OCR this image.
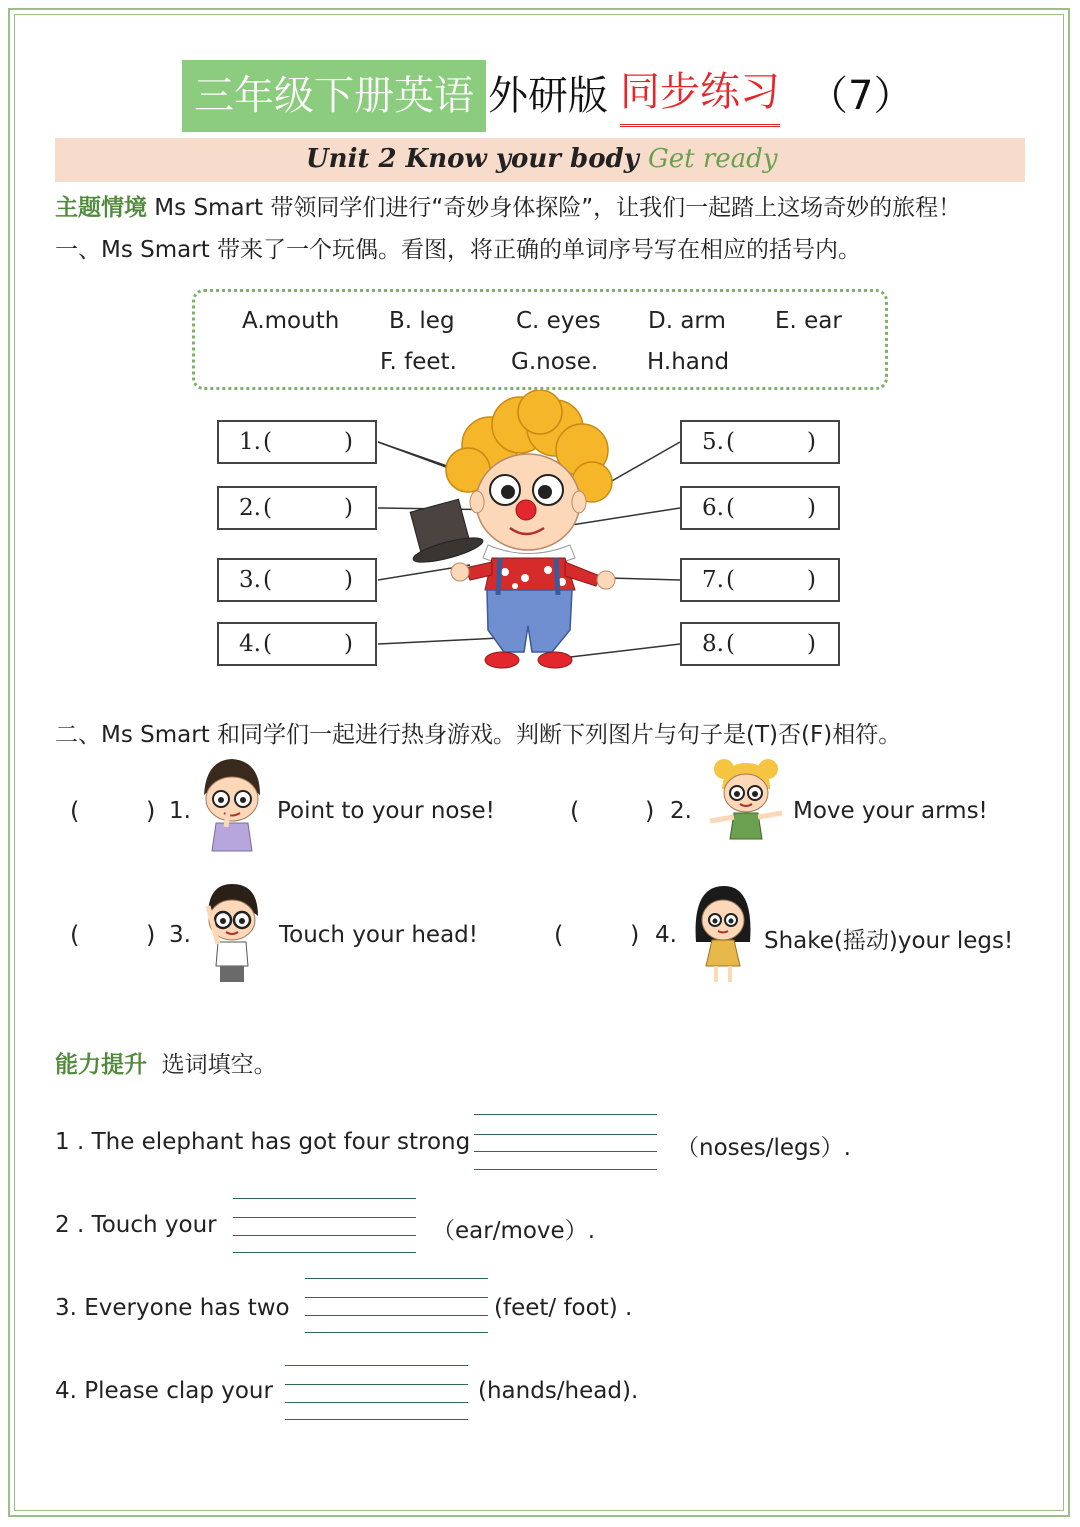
三年级下册英语 外研版 同步练习 （7）
Unit 2 Know your body Get ready
主题情境 Ms Smart 带领同学们进行“奇妙身体探险”，让我们一起踏上这场奇妙的旅程！
一、Ms Smart 带来了一个玩偶。看图，将正确的单词序号写在相应的括号内。
A.mouth B. leg	C. eyes D. arm E. ear
F. feet. G.nose. H.hand
1. (	)
2. (	)
3. (	)
4. (	)
5. (	)
6. (	)
7. (	)
8. (	)
二、Ms Smart 和同学们一起进行热身游戏。判断下列图片与句子是(T)否(F)相符。
(	) 1.	Point to your nose!	(	) 2.	Move your arms!
(	) 3.	Touch your head!	(	) 4.	Shake(摇动)your legs!
能力提升 选词填空。
1 . The elephant has got four strong	（noses/legs）.
2 . Touch your	（ear/move）.
3. Everyone has two	(feet/ foot) .
4. Please clap your	(hands/head).
